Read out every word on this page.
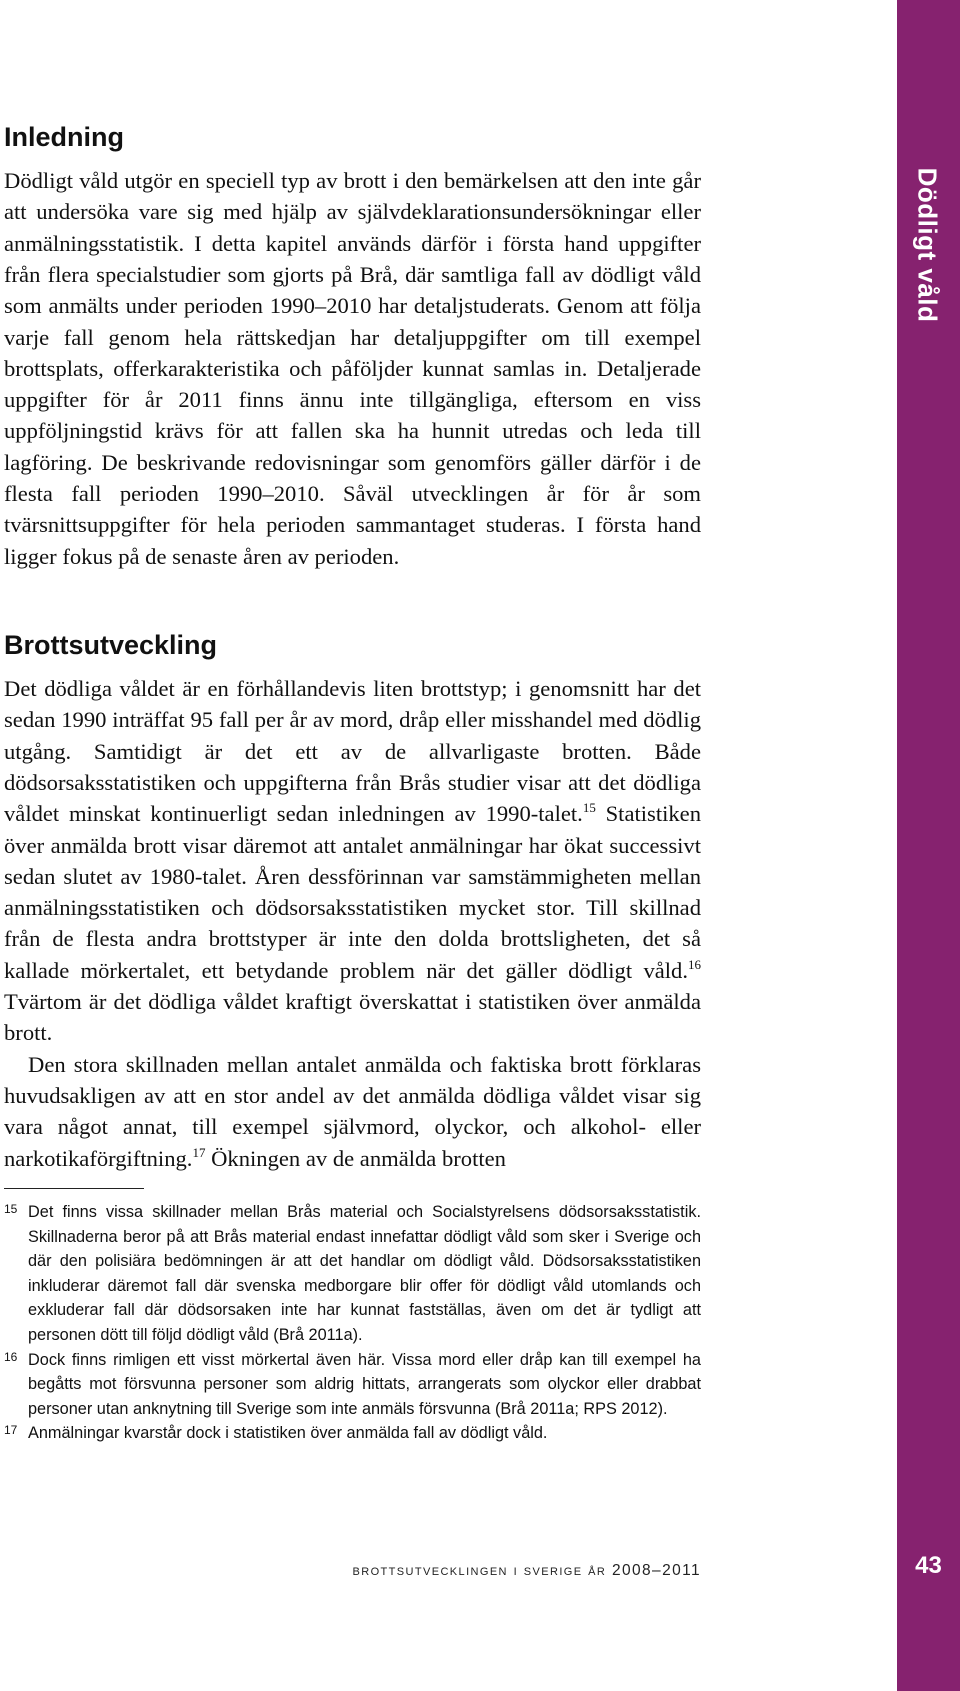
Dödligt våld
43
Inledning

Dödligt våld utgör en speciell typ av brott i den bemärkelsen att den inte går att undersöka vare sig med hjälp av självdeklarationsundersökningar eller anmälningsstatistik. I detta kapitel används därför i första hand uppgifter från flera specialstudier som gjorts på Brå, där samtliga fall av dödligt våld som anmälts under perioden 1990–2010 har detaljstuderats. Genom att följa varje fall genom hela rättskedjan har detaljuppgifter om till exempel brottsplats, offerkarakteristika och påföljder kunnat samlas in. Detaljerade uppgifter för år 2011 finns ännu inte tillgängliga, eftersom en viss uppföljningstid krävs för att fallen ska ha hunnit utredas och leda till lagföring. De beskrivande redovisningar som genomförs gäller därför i de flesta fall perioden 1990–2010. Såväl utvecklingen år för år som tvärsnittsuppgifter för hela perioden sammantaget studeras. I första hand ligger fokus på de senaste åren av perioden.

Brottsutveckling

Det dödliga våldet är en förhållandevis liten brottstyp; i genomsnitt har det sedan 1990 inträffat 95 fall per år av mord, dråp eller misshandel med dödlig utgång. Samtidigt är det ett av de allvarligaste brotten. Både dödsorsaksstatistiken och uppgifterna från Brås studier visar att det dödliga våldet minskat kontinuerligt sedan inledningen av 1990-talet.$^{15}$ Statistiken över anmälda brott visar däremot att antalet anmälningar har ökat successivt sedan slutet av 1980-talet. Åren dessförinnan var samstämmigheten mellan anmälningsstatistiken och dödsorsaksstatistiken mycket stor. Till skillnad från de flesta andra brottstyper är inte den dolda brottsligheten, det så kallade mörkertalet, ett betydande problem när det gäller dödligt våld.$^{16}$ Tvärtom är det dödliga våldet kraftigt överskattat i statistiken över anmälda brott.

Den stora skillnaden mellan antalet anmälda och faktiska brott förklaras huvudsakligen av att en stor andel av det anmälda dödliga våldet visar sig vara något annat, till exempel självmord, olyckor, och alkohol- eller narkotikaförgiftning.$^{17}$ Ökningen av de anmälda brotten

15 Det finns vissa skillnader mellan Brås material och Socialstyrelsens dödsorsaksstatistik. Skillnaderna beror på att Brås material endast innefattar dödligt våld som sker i Sverige och där den polisiära bedömningen är att det handlar om dödligt våld. Dödsorsaksstatistiken inkluderar däremot fall där svenska medborgare blir offer för dödligt våld utomlands och exkluderar fall där dödsorsaken inte har kunnat fastställas, även om det är tydligt att personen dött till följd dödligt våld (Brå 2011a).
16 Dock finns rimligen ett visst mörkertal även här. Vissa mord eller dråp kan till exempel ha begåtts mot försvunna personer som aldrig hittats, arrangerats som olyckor eller drabbat personer utan anknytning till Sverige som inte anmäls försvunna (Brå 2011a; RPS 2012).
17 Anmälningar kvarstår dock i statistiken över anmälda fall av dödligt våld.
brottsutvecklingen i sverige år 2008–2011
